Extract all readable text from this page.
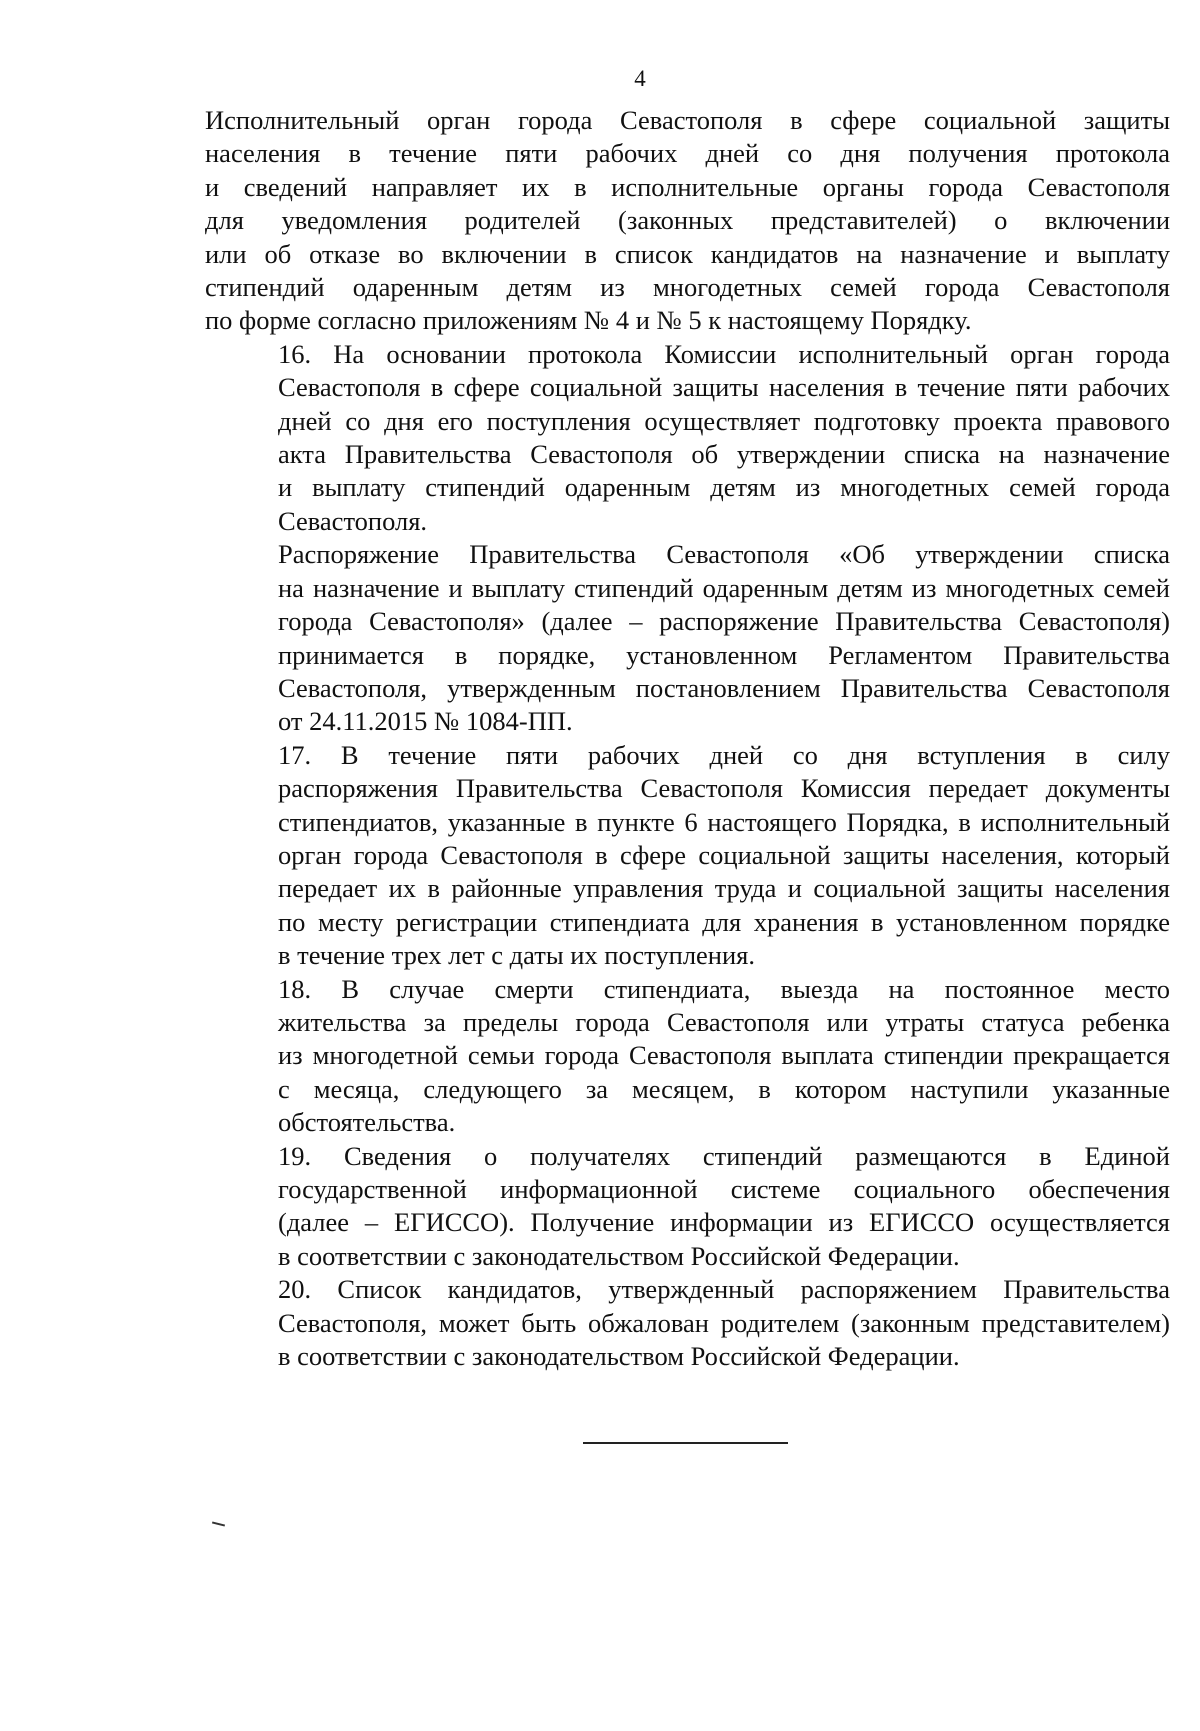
4
Исполнительный орган города Севастополя в сфере социальной защиты
населения в течение пяти рабочих дней со дня получения протокола
и сведений направляет их в исполнительные органы города Севастополя
для уведомления родителей (законных представителей) о включении
или об отказе во включении в список кандидатов на назначение и выплату
стипендий одаренным детям из многодетных семей города Севастополя
по форме согласно приложениям № 4 и № 5 к настоящему Порядку.
16. На основании протокола Комиссии исполнительный орган города
Севастополя в сфере социальной защиты населения в течение пяти рабочих
дней со дня его поступления осуществляет подготовку проекта правового
акта Правительства Севастополя об утверждении списка на назначение
и выплату стипендий одаренным детям из многодетных семей города
Севастополя.
Распоряжение Правительства Севастополя «Об утверждении списка
на назначение и выплату стипендий одаренным детям из многодетных семей
города Севастополя» (далее – распоряжение Правительства Севастополя)
принимается в порядке, установленном Регламентом Правительства
Севастополя, утвержденным постановлением Правительства Севастополя
от 24.11.2015 № 1084-ПП.
17. В течение пяти рабочих дней со дня вступления в силу
распоряжения Правительства Севастополя Комиссия передает документы
стипендиатов, указанные в пункте 6 настоящего Порядка, в исполнительный
орган города Севастополя в сфере социальной защиты населения, который
передает их в районные управления труда и социальной защиты населения
по месту регистрации стипендиата для хранения в установленном порядке
в течение трех лет с даты их поступления.
18. В случае смерти стипендиата, выезда на постоянное место
жительства за пределы города Севастополя или утраты статуса ребенка
из многодетной семьи города Севастополя выплата стипендии прекращается
с месяца, следующего за месяцем, в котором наступили указанные
обстоятельства.
19. Сведения о получателях стипендий размещаются в Единой
государственной информационной системе социального обеспечения
(далее – ЕГИССО). Получение информации из ЕГИССО осуществляется
в соответствии с законодательством Российской Федерации.
20. Список кандидатов, утвержденный распоряжением Правительства
Севастополя, может быть обжалован родителем (законным представителем)
в соответствии с законодательством Российской Федерации.
